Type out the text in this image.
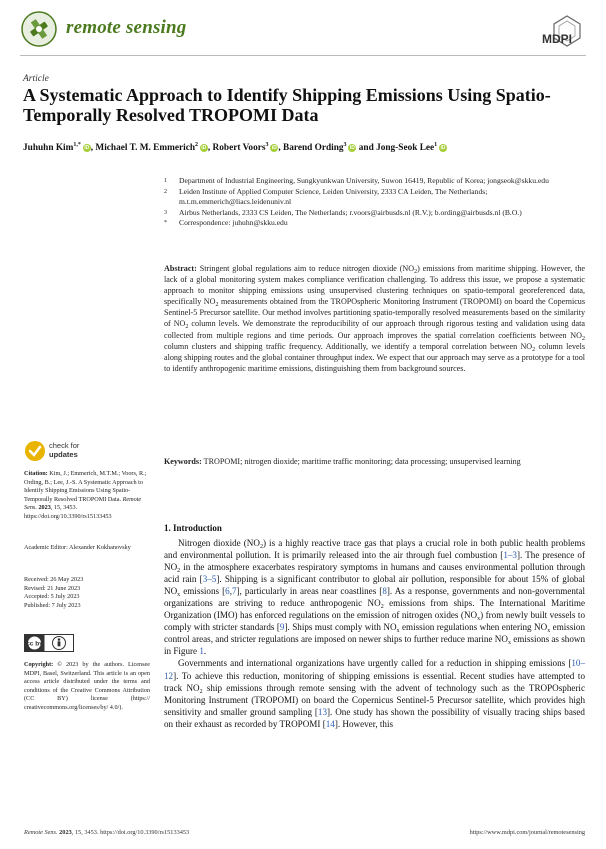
remote sensing
MDPI
Article
A Systematic Approach to Identify Shipping Emissions Using Spatio-Temporally Resolved TROPOMI Data
Juhuhn Kim$^{1,*}$  iD , Michael T. M. Emmerich$^2$  iD , Robert Voors$^3$  iD , Barend Ording$^3$  iD and Jong-Seok Lee$^1$  iD
1	Department of Industrial Engineering, Sungkyunkwan University, Suwon 16419, Republic of Korea; jongseok@skku.edu
2	Leiden Institute of Applied Computer Science, Leiden University, 2333 CA Leiden, The Netherlands; m.t.m.emmerich@liacs.leidenuniv.nl
3	Airbus Netherlands, 2333 CS Leiden, The Netherlands; r.voors@airbusds.nl (R.V.); b.ording@airbusds.nl (B.O.)
*	Correspondence: juhuhn@skku.edu
Abstract: Stringent global regulations aim to reduce nitrogen dioxide $(NO_2)$ emissions from maritime shipping. However, the lack of a global monitoring system makes compliance verification challenging. To address this issue, we propose a systematic approach to monitor shipping emissions using unsupervised clustering techniques on spatio-temporal georeferenced data, specifically $NO_2$ measurements obtained from the TROPOspheric Monitoring Instrument (TROPOMI) on board the Copernicus Sentinel-5 Precursor satellite. Our method involves partitioning spatio-temporally resolved measurements based on the similarity of $NO_2$ column levels. We demonstrate the reproducibility of our approach through rigorous testing and validation using data collected from multiple regions and time periods. Our approach improves the spatial correlation coefficients between $NO_2$ column clusters and shipping traffic frequency. Additionally, we identify a temporal correlation between $NO_2$ column levels along shipping routes and the global container throughput index. We expect that our approach may serve as a prototype for a tool to identify anthropogenic maritime emissions, distinguishing them from background sources.
Keywords: TROPOMI; nitrogen dioxide; maritime traffic monitoring; data processing; unsupervised learning
check for
updates
Citation: Kim, J.; Emmerich, M.T.M.; Voors, R.; Ording, B.; Lee, J.-S. A Systematic Approach to Identify Shipping Emissions Using Spatio-Temporally Resolved TROPOMI Data. Remote Sens. 2023, 15, 3453. https://doi.org/10.3390/rs15133453
Academic Editor: Alexander Kokhanovsky
Received: 26 May 2023
Revised: 21 June 2023
Accepted: 5 July 2023
Published: 7 July 2023
cc by
Copyright: © 2023 by the authors. Licensee MDPI, Basel, Switzerland. This article is an open access article distributed under the terms and conditions of the Creative Commons Attribution (CC BY) license (https:// creativecommons.org/licenses/by/ 4.0/).
1. Introduction

Nitrogen dioxide $(NO_2)$ is a highly reactive trace gas that plays a crucial role in both public health problems and environmental pollution. It is primarily released into the air through fuel combustion [1–3]. The presence of $NO_2$ in the atmosphere exacerbates respiratory symptoms in humans and causes environmental pollution through acid rain [3–5]. Shipping is a significant contributor to global air pollution, responsible for about 15% of global $NO_x$ emissions [6,7], particularly in areas near coastlines [8]. As a response, governments and non-governmental organizations are striving to reduce anthropogenic $NO_2$ emissions from ships. The International Maritime Organization (IMO) has enforced regulations on the emission of nitrogen oxides $(NO_x)$ from newly built vessels to comply with stricter standards [9]. Ships must comply with $NO_x$ emission regulations when entering $NO_x$ emission control areas, and stricter regulations are imposed on newer ships to further reduce marine $NO_x$ emissions as shown in Figure 1.

Governments and international organizations have urgently called for a reduction in shipping emissions [10–12]. To achieve this reduction, monitoring of shipping emissions is essential. Recent studies have attempted to track $NO_2$ ship emissions through remote sensing with the advent of technology such as the TROPOspheric Monitoring Instrument (TROPOMI) on board the Copernicus Sentinel-5 Precursor satellite, which provides high sensitivity and smaller ground sampling [13]. One study has shown the possibility of visually tracing ships based on their exhaust as recorded by TROPOMI [14]. However, this

Remote Sens. 2023, 15, 3453. https://doi.org/10.3390/rs15133453	https://www.mdpi.com/journal/remotesensing
